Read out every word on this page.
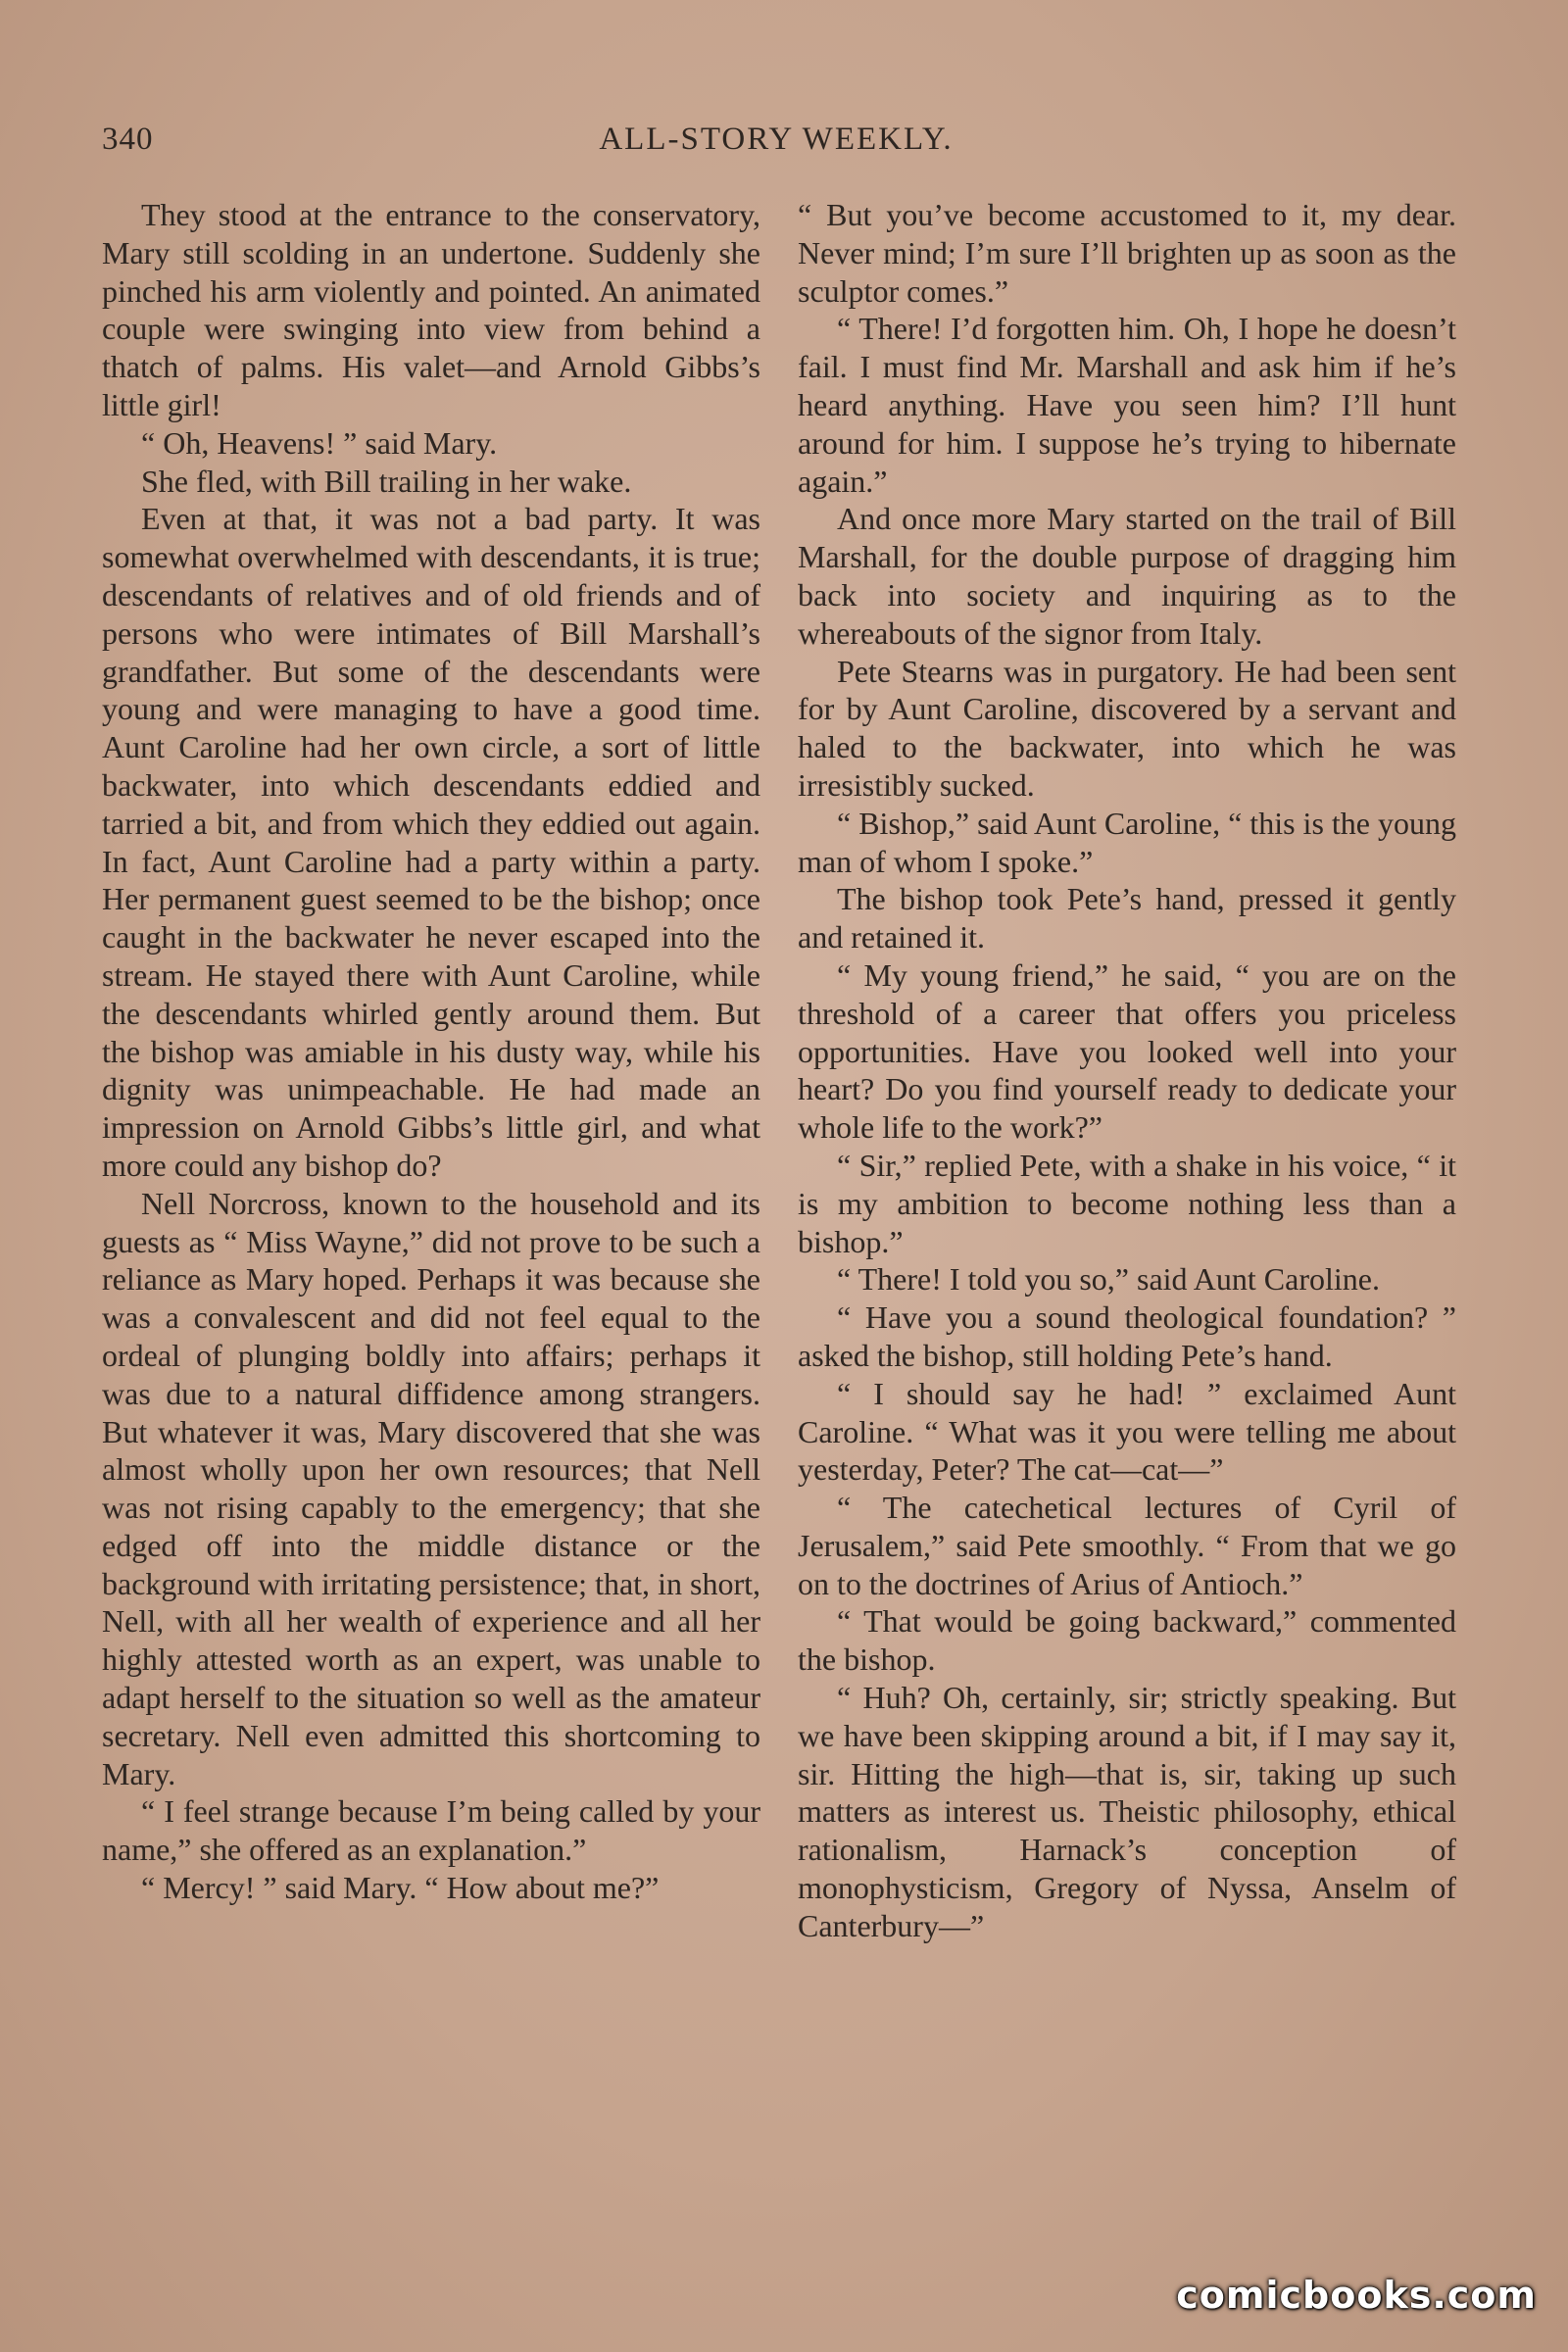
340	ALL-STORY WEEKLY.

They stood at the entrance to the conservatory, Mary still scolding in an undertone. Suddenly she pinched his arm violently and pointed. An animated couple were swinging into view from behind a thatch of palms. His valet—and Arnold Gibbs’s little girl!

“ Oh, Heavens! ” said Mary.

She fled, with Bill trailing in her wake.

Even at that, it was not a bad party. It was somewhat overwhelmed with descendants, it is true; descendants of relatives and of old friends and of persons who were intimates of Bill Marshall’s grandfather. But some of the descendants were young and were managing to have a good time. Aunt Caroline had her own circle, a sort of little backwater, into which descendants eddied and tarried a bit, and from which they eddied out again. In fact, Aunt Caroline had a party within a party. Her permanent guest seemed to be the bishop; once caught in the backwater he never escaped into the stream. He stayed there with Aunt Caroline, while the descendants whirled gently around them. But the bishop was amiable in his dusty way, while his dignity was unimpeachable. He had made an impression on Arnold Gibbs’s little girl, and what more could any bishop do?

Nell Norcross, known to the household and its guests as “ Miss Wayne,” did not prove to be such a reliance as Mary hoped. Perhaps it was because she was a convalescent and did not feel equal to the ordeal of plunging boldly into affairs; perhaps it was due to a natural diffidence among strangers. But whatever it was, Mary discovered that she was almost wholly upon her own resources; that Nell was not rising capably to the emergency; that she edged off into the middle distance or the background with irritating persistence; that, in short, Nell, with all her wealth of experience and all her highly attested worth as an expert, was unable to adapt herself to the situation so well as the amateur secretary. Nell even admitted this shortcoming to Mary.

“ I feel strange because I’m being called by your name,” she offered as an explanation.”

“ Mercy! ” said Mary. “ How about me?”

“ But you’ve become accustomed to it, my dear. Never mind; I’m sure I’ll brighten up as soon as the sculptor comes.”

“ There! I’d forgotten him. Oh, I hope he doesn’t fail. I must find Mr. Marshall and ask him if he’s heard anything. Have you seen him? I’ll hunt around for him. I suppose he’s trying to hibernate again.”

And once more Mary started on the trail of Bill Marshall, for the double purpose of dragging him back into society and inquiring as to the whereabouts of the signor from Italy.

Pete Stearns was in purgatory. He had been sent for by Aunt Caroline, discovered by a servant and haled to the backwater, into which he was irresistibly sucked.

“ Bishop,” said Aunt Caroline, “ this is the young man of whom I spoke.”

The bishop took Pete’s hand, pressed it gently and retained it.

“ My young friend,” he said, “ you are on the threshold of a career that offers you priceless opportunities. Have you looked well into your heart? Do you find yourself ready to dedicate your whole life to the work?”

“ Sir,” replied Pete, with a shake in his voice, “ it is my ambition to become nothing less than a bishop.”

“ There! I told you so,” said Aunt Caroline.

“ Have you a sound theological foundation? ” asked the bishop, still holding Pete’s hand.

“ I should say he had! ” exclaimed Aunt Caroline. “ What was it you were telling me about yesterday, Peter? The cat—cat—”

“ The catechetical lectures of Cyril of Jerusalem,” said Pete smoothly. “ From that we go on to the doctrines of Arius of Antioch.”

“ That would be going backward,” commented the bishop.

“ Huh? Oh, certainly, sir; strictly speaking. But we have been skipping around a bit, if I may say it, sir. Hitting the high—that is, sir, taking up such matters as interest us. Theistic philosophy, ethical rationalism, Harnack’s conception of monophysticism, Gregory of Nyssa, Anselm of Canterbury—”

comicbooks.com
